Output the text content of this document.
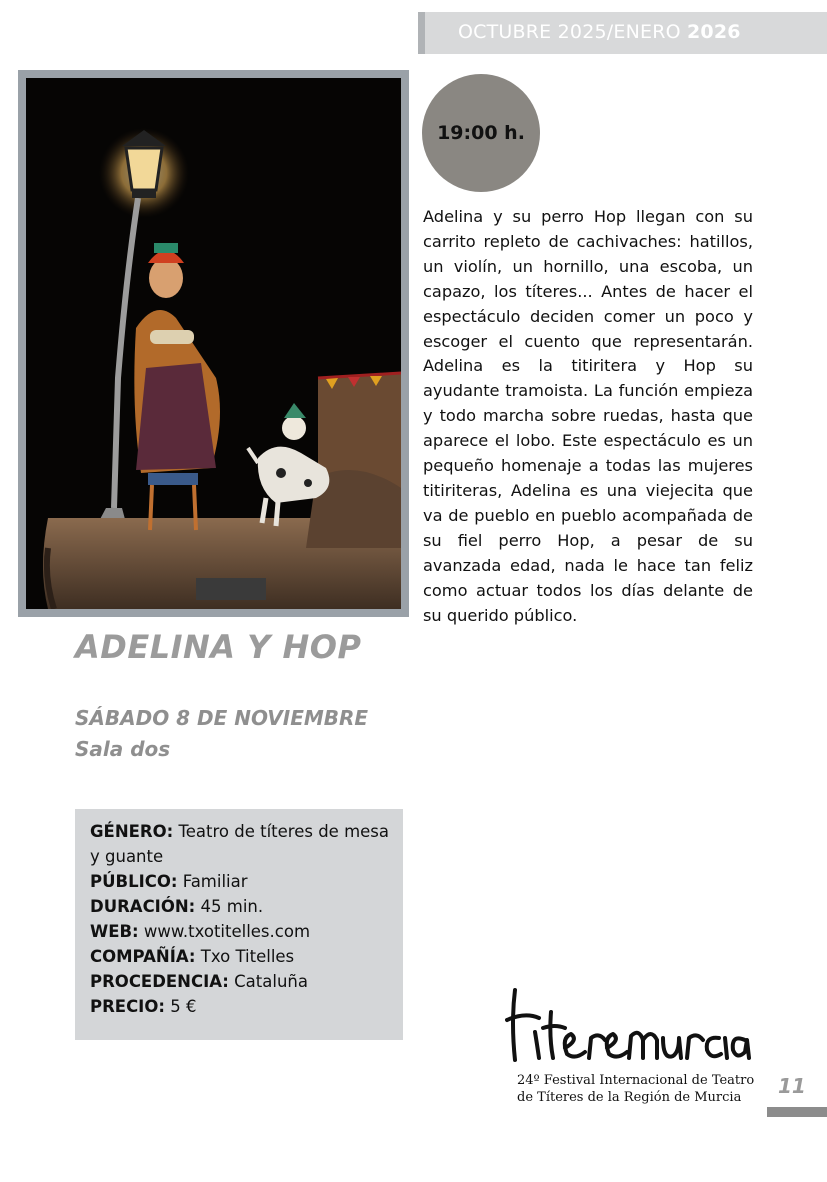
OCTUBRE 2025/ENERO 2026
19:00 h.

Adelina y su perro Hop llegan con su carrito repleto de cachivaches: hatillos, un violín, un hornillo, una escoba, un capazo, los títeres... Antes de hacer el espectáculo deciden comer un poco y escoger el cuento que representarán. Adelina es la titiritera y Hop su ayudante tramoista. La función empieza y todo marcha sobre ruedas, hasta que aparece el lobo. Este espectáculo es un pequeño homenaje a todas las mujeres titiriteras, Adelina es una viejecita que va de pueblo en pueblo acompañada de su fiel perro Hop, a pesar de su avanzada edad, nada le hace tan feliz como actuar todos los días delante de su querido público.

ADELINA Y HOP
SÁBADO 8 DE NOVIEMBRE
Sala dos

GÉNERO: Teatro de títeres de mesa y guante

PÚBLICO: Familiar

DURACIÓN: 45 min.

WEB: www.txotitelles.com

COMPAÑÍA: Txo Titelles

PROCEDENCIA: Cataluña

PRECIO: 5 €

24º Festival Internacional de Teatro
de Títeres de la Región de Murcia 11
